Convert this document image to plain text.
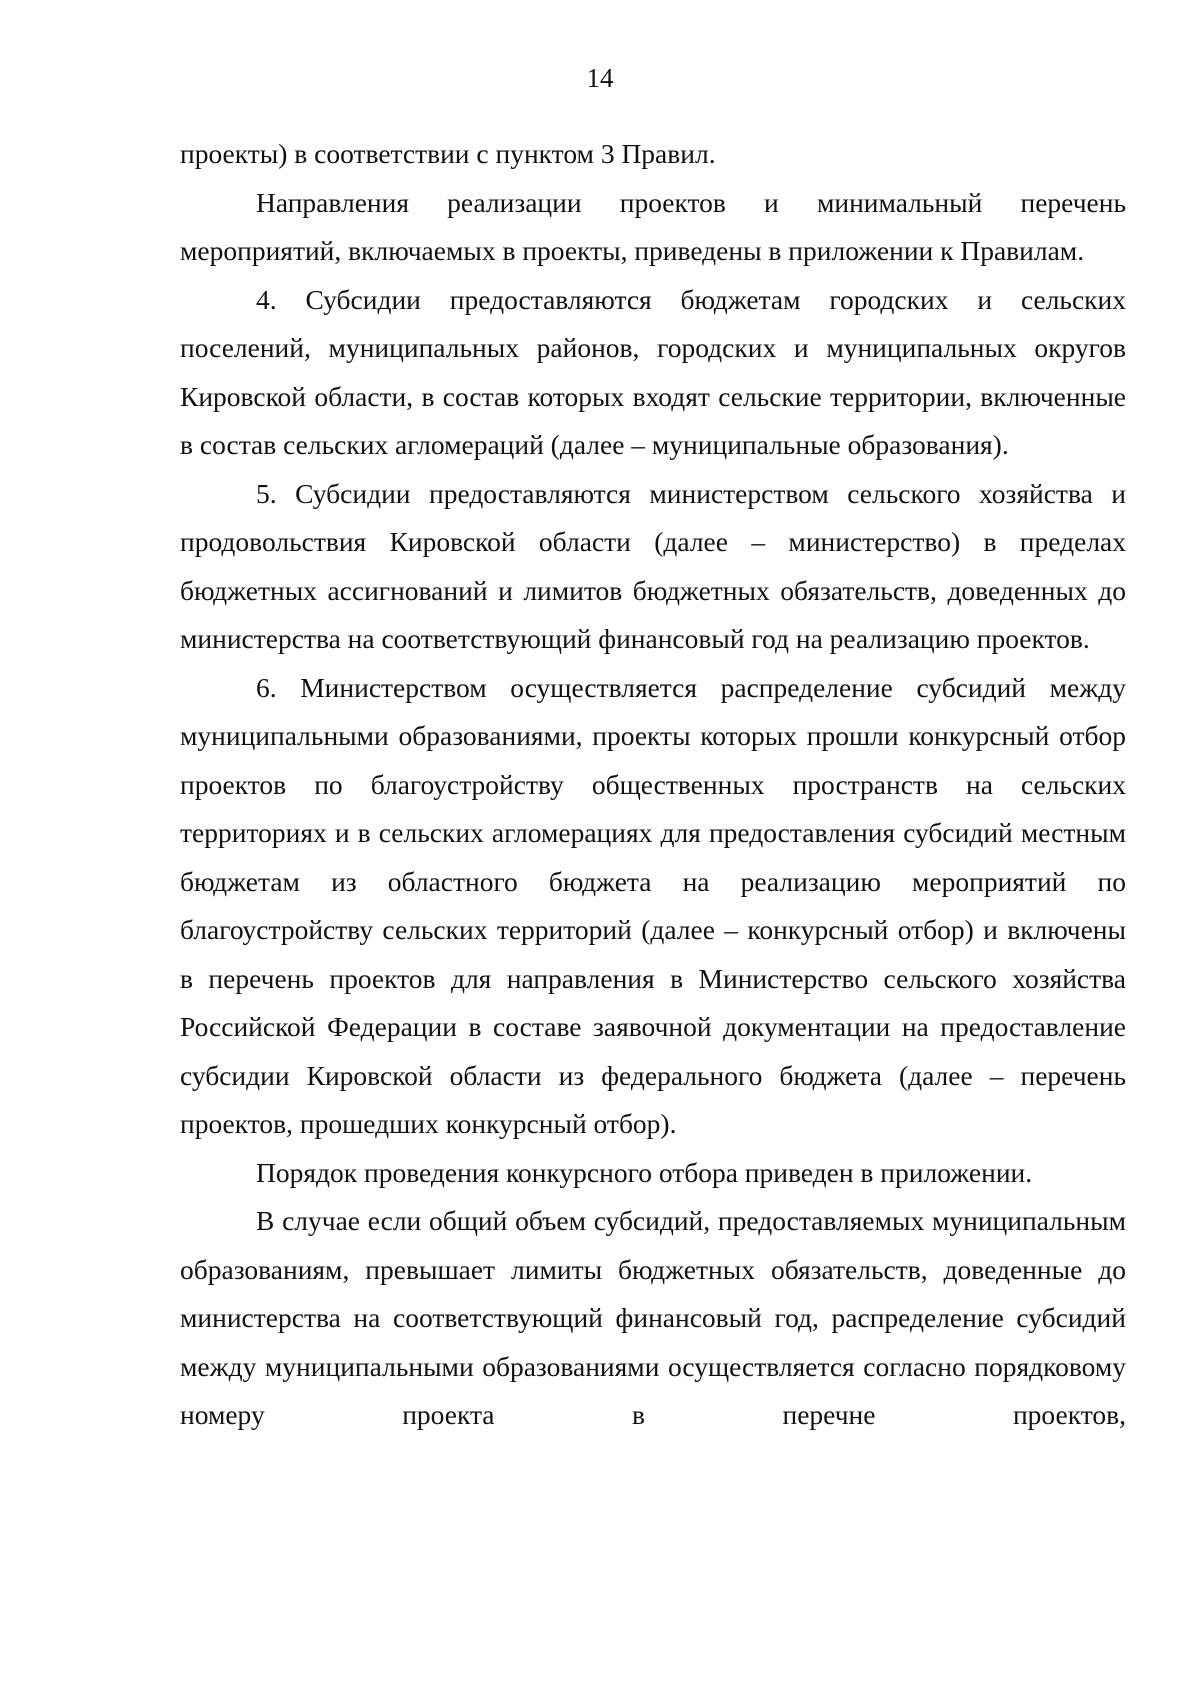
14

проекты) в соответствии с пунктом 3 Правил.

Направления реализации проектов и минимальный перечень мероприятий, включаемых в проекты, приведены в приложении к Правилам.

4. Субсидии предоставляются бюджетам городских и сельских поселений, муниципальных районов, городских и муниципальных округов Кировской области, в состав которых входят сельские территории, включенные в состав сельских агломераций (далее – муниципальные образования).

5. Субсидии предоставляются министерством сельского хозяйства и продовольствия Кировской области (далее – министерство) в пределах бюджетных ассигнований и лимитов бюджетных обязательств, доведенных до министерства на соответствующий финансовый год на реализацию проектов.

6. Министерством осуществляется распределение субсидий между муниципальными образованиями, проекты которых прошли конкурсный отбор проектов по благоустройству общественных пространств на сельских территориях и в сельских агломерациях для предоставления субсидий местным бюджетам из областного бюджета на реализацию мероприятий по благоустройству сельских территорий (далее – конкурсный отбор) и включены в перечень проектов для направления в Министерство сельского хозяйства Российской Федерации в составе заявочной документации на предоставление субсидии Кировской области из федерального бюджета (далее – перечень проектов, прошедших конкурсный отбор).

Порядок проведения конкурсного отбора приведен в приложении.

В случае если общий объем субсидий, предоставляемых муниципальным образованиям, превышает лимиты бюджетных обязательств, доведенные до министерства на соответствующий финансовый год, распределение субсидий между муниципальными образованиями осуществляется согласно порядковому номеру проекта в перечне проектов,
